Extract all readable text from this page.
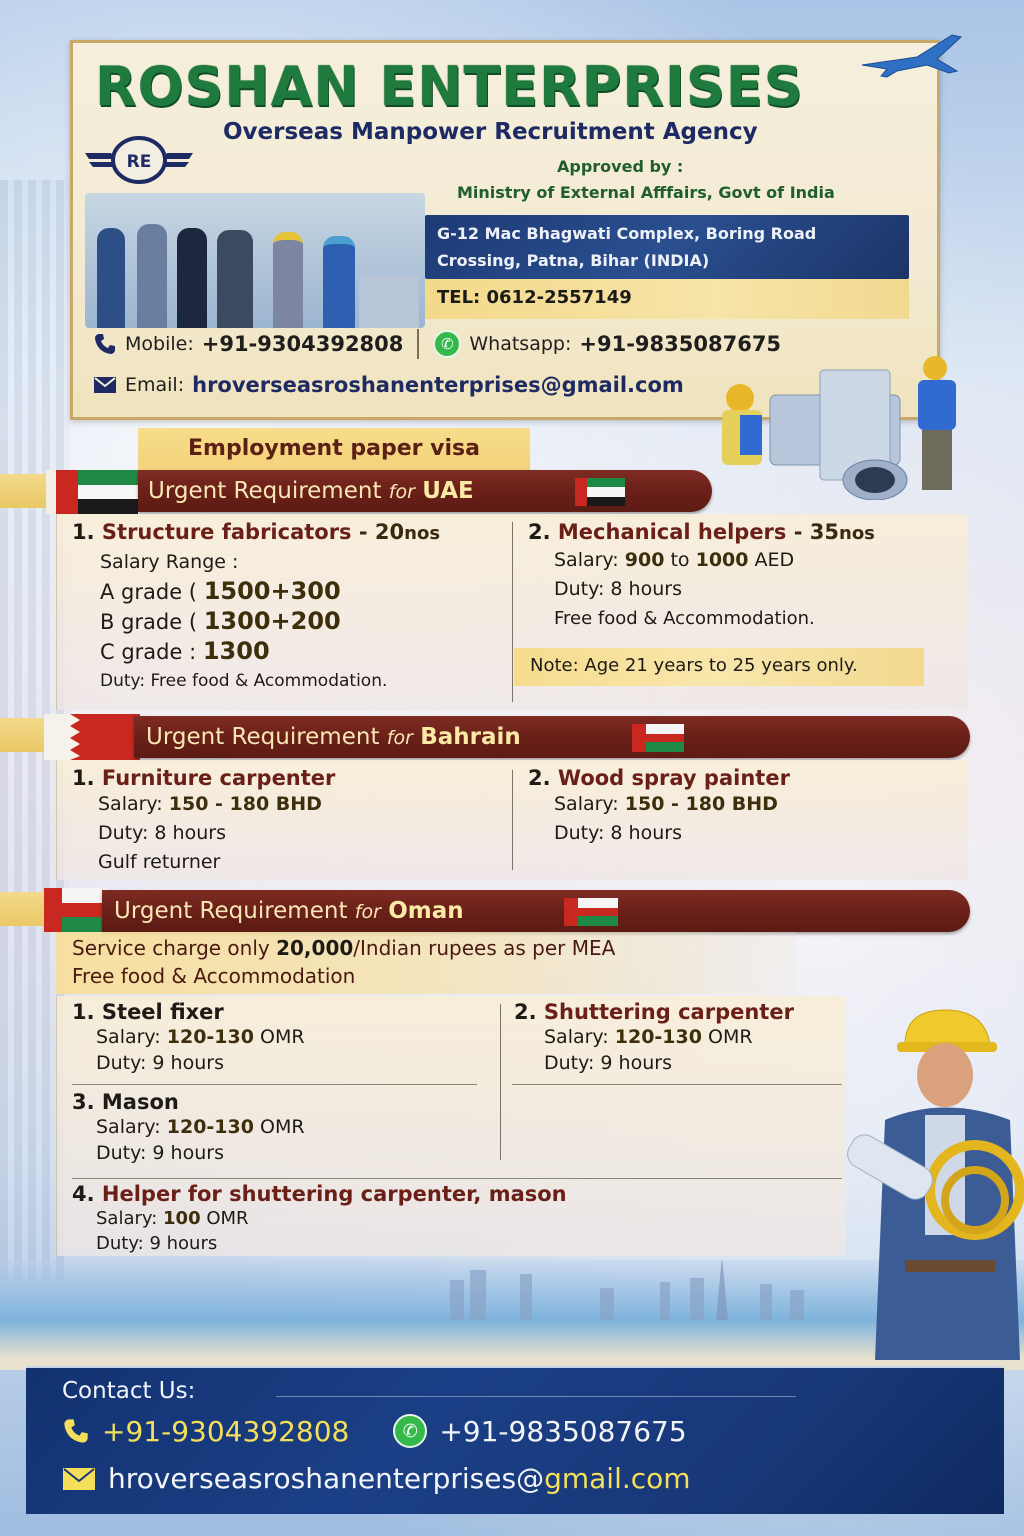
ROSHAN ENTERPRISES
Overseas Manpower Recruitment Agency
RE	Approved by :
Ministry of External Afffairs, Govt of India
G-12 Mac Bhagwati Complex, Boring Road
Crossing, Patna, Bihar (INDIA)
TEL: 0612-2557149
Mobile: +91-9304392808	✆ Whatsapp: +91-9835087675
Email: hroverseasroshanenterprises@gmail.com
Employment paper visa
Urgent Requirement for UAE
1. Structure fabricators - 20nos
Salary Range :
A grade ( 1500+300
B grade ( 1300+200
C grade : 1300
Duty: Free food & Acommodation.
2. Mechanical helpers - 35nos
Salary: 900 to 1000 AED
Duty: 8 hours
Free food & Accommodation.
Note: Age 21 years to 25 years only.
Urgent Requirement for Bahrain
1. Furniture carpenter
Salary: 150 - 180 BHD
Duty: 8 hours
Gulf returner
2. Wood spray painter
Salary: 150 - 180 BHD
Duty: 8 hours
Urgent Requirement for Oman
Service charge only 20,000/Indian rupees as per MEA
Free food & Accommodation
1. Steel fixer
Salary: 120-130 OMR
Duty: 9 hours
2. Shuttering carpenter
Salary: 120-130 OMR
Duty: 9 hours
3. Mason
Salary: 120-130 OMR
Duty: 9 hours
4. Helper for shuttering carpenter, mason
Salary: 100 OMR
Duty: 9 hours
Contact Us:
+91-9304392808	✆ +91-9835087675
hroverseasroshanenterprises@gmail.com
